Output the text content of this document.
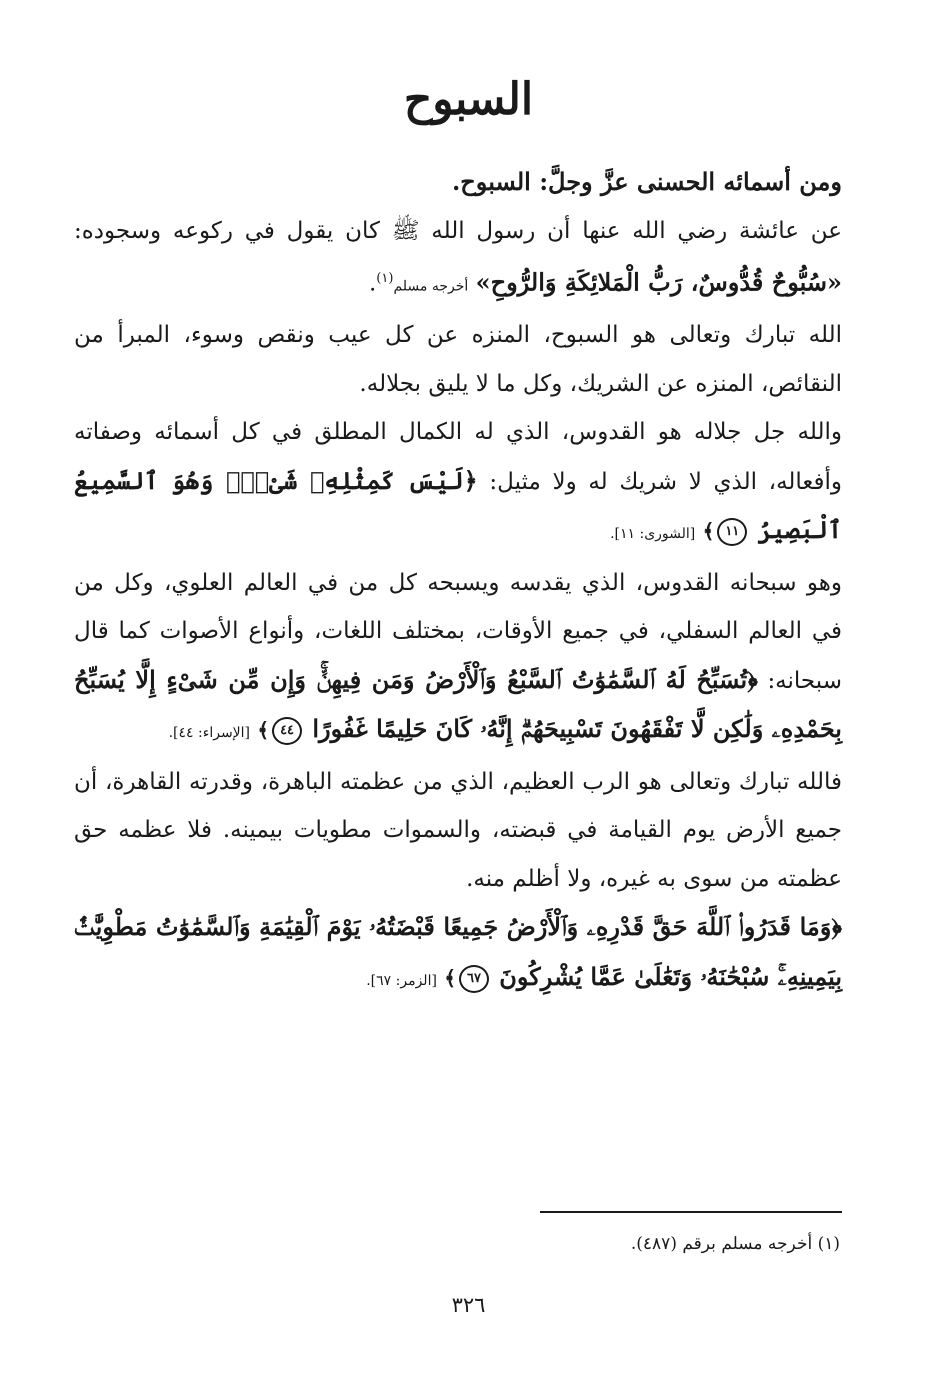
السبوح

ومن أسمائه الحسنى عزَّ وجلَّ: السبوح.

عن عائشة رضي الله عنها أن رسول الله ﷺ كان يقول في ركوعه وسجوده: «سُبُّوحٌ قُدُّوسٌ، رَبُّ الْمَلائِكَةِ وَالرُّوحِ» أخرجه مسلم$^{(١)}$.

الله تبارك وتعالى هو السبوح، المنزه عن كل عيب ونقص وسوء، المبرأ من النقائص، المنزه عن الشريك، وكل ما لا يليق بجلاله.

والله جل جلاله هو القدوس، الذي له الكمال المطلق في كل أسمائه وصفاته وأفعاله، الذي لا شريك له ولا مثيل: ﴿لَيْسَ كَمِثْلِهِۦ شَىْءٌۖ وَهُوَ ٱلسَّمِيعُ ٱلْبَصِيرُ ١١﴾ [الشورى: ١١].

وهو سبحانه القدوس، الذي يقدسه ويسبحه كل من في العالم العلوي، وكل من في العالم السفلي، في جميع الأوقات، بمختلف اللغات، وأنواع الأصوات كما قال سبحانه: ﴿تُسَبِّحُ لَهُ ٱلسَّمَٰوَٰتُ ٱلسَّبْعُ وَٱلْأَرْضُ وَمَن فِيهِنَّۚ وَإِن مِّن شَىْءٍ إِلَّا يُسَبِّحُ بِحَمْدِهِۦ وَلَٰكِن لَّا تَفْقَهُونَ تَسْبِيحَهُمْۗ إِنَّهُۥ كَانَ حَلِيمًا غَفُورًا ٤٤﴾ [الإسراء: ٤٤].

فالله تبارك وتعالى هو الرب العظيم، الذي من عظمته الباهرة، وقدرته القاهرة، أن جميع الأرض يوم القيامة في قبضته، والسموات مطويات بيمينه. فلا عظمه حق عظمته من سوى به غيره، ولا أظلم منه.

﴿وَمَا قَدَرُوا۟ ٱللَّهَ حَقَّ قَدْرِهِۦ وَٱلْأَرْضُ جَمِيعًا قَبْضَتُهُۥ يَوْمَ ٱلْقِيَٰمَةِ وَٱلسَّمَٰوَٰتُ مَطْوِيَّٰتٌۢ بِيَمِينِهِۦۚ سُبْحَٰنَهُۥ وَتَعَٰلَىٰ عَمَّا يُشْرِكُونَ ٦٧﴾ [الزمر: ٦٧].

(١) أخرجه مسلم برقم (٤٨٧).
٣٢٦
